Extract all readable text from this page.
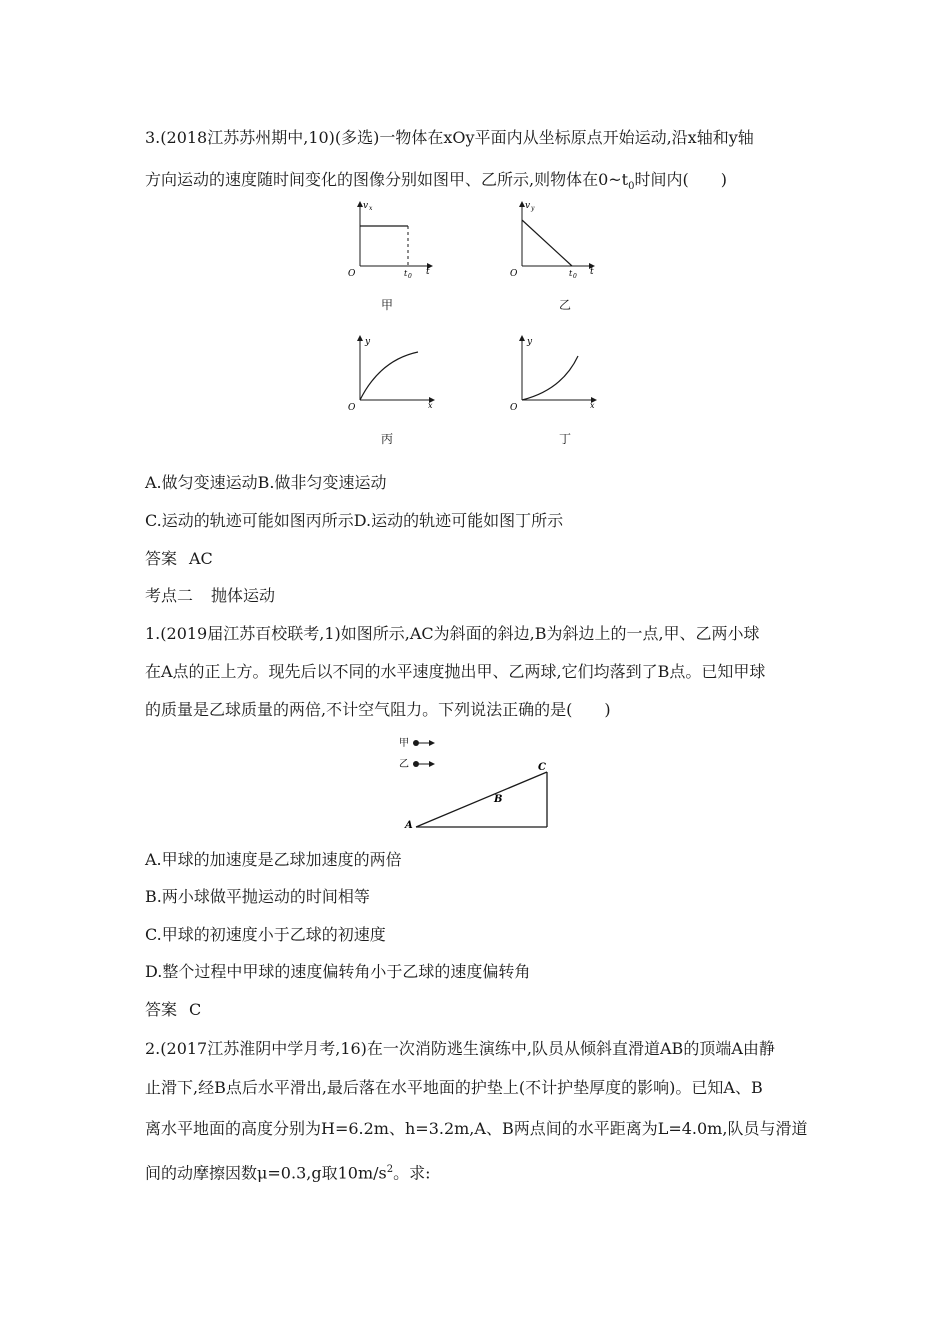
3.(2018江苏苏州期中,10)(多选)一物体在xOy平面内从坐标原点开始运动,沿x轴和y轴
方向运动的速度随时间变化的图像分别如图甲、乙所示,则物体在$0\sim t_0$时间内(　　)
v x
O	t 0 t
甲
v y
O	t 0 t
乙
y
O	x
丙
y
O	x
丁
A.做匀变速运动B.做非匀变速运动
C.运动的轨迹可能如图丙所示D.运动的轨迹可能如图丁所示
答案 AC
考点二 抛体运动
1.(2019届江苏百校联考,1)如图所示,AC为斜面的斜边,B为斜边上的一点,甲、乙两小球
在A点的正上方。现先后以不同的水平速度抛出甲、乙两球,它们均落到了B点。已知甲球
的质量是乙球质量的两倍,不计空气阻力。下列说法正确的是(　　)
甲
乙
A
B
C
A.甲球的加速度是乙球加速度的两倍
B.两小球做平抛运动的时间相等
C.甲球的初速度小于乙球的初速度
D.整个过程中甲球的速度偏转角小于乙球的速度偏转角
答案 C
2.(2017江苏淮阴中学月考,16)在一次消防逃生演练中,队员从倾斜直滑道AB的顶端A由静
止滑下,经B点后水平滑出,最后落在水平地面的护垫上(不计护垫厚度的影响)。已知A、B
离水平地面的高度分别为H=6.2m、h=3.2m,A、B两点间的水平距离为L=4.0m,队员与滑道
间的动摩擦因数μ=0.3,g取$10m/s^2$。求:
